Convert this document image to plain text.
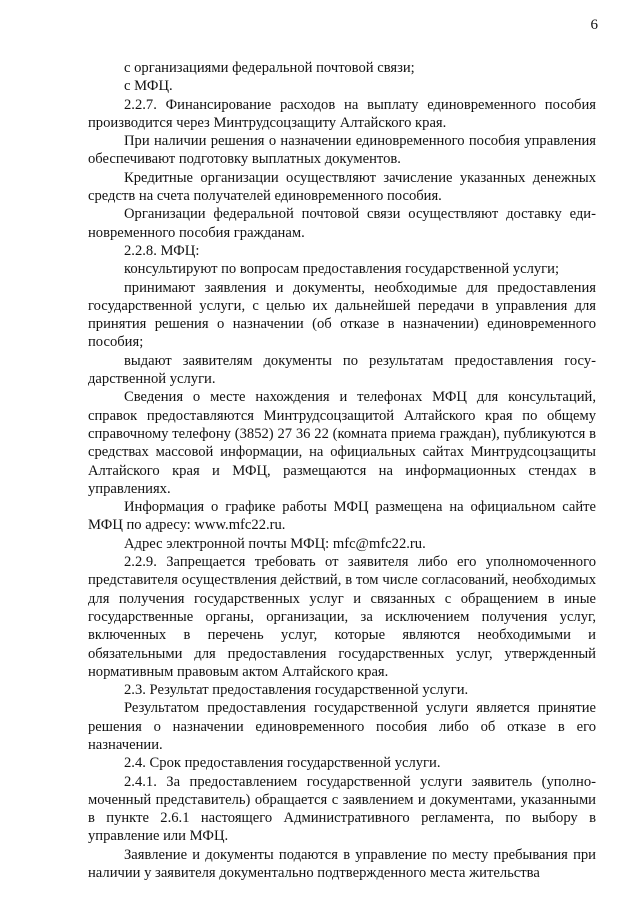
6

с организациями федеральной почтовой связи;

с МФЦ.

2.2.7. Финансирование расходов на выплату единовременного пособия производится через Минтрудсоцзащиту Алтайского края.

При наличии решения о назначении единовременного пособия управления обеспечивают подготовку выплатных документов.

Кредитные организации осуществляют зачисление указанных денежных средств на счета получателей единовременного пособия.

Организации федеральной почтовой связи осуществляют доставку единовременного пособия гражданам.

2.2.8. МФЦ:

консультируют по вопросам предоставления государственной услуги;

принимают заявления и документы, необходимые для предоставления государственной услуги, с целью их дальнейшей передачи в управления для принятия решения о назначении (об отказе в назначении) единовременного пособия;

выдают заявителям документы по результатам предоставления государственной услуги.

Сведения о месте нахождения и телефонах МФЦ для консультаций, справок предоставляются Минтрудсоцзащитой Алтайского края по общему справочному телефону (3852) 27 36 22 (комната приема граждан), публикуются в средствах массовой информации, на официальных сайтах Минтрудсоцзащиты Алтайского края и МФЦ, размещаются на информационных стендах в управлениях.

Информация о графике работы МФЦ размещена на официальном сайте МФЦ по адресу: www.mfc22.ru.

Адрес электронной почты МФЦ: mfc@mfc22.ru.

2.2.9. Запрещается требовать от заявителя либо его уполномоченного представителя осуществления действий, в том числе согласований, необходимых для получения государственных услуг и связанных с обращением в иные государственные органы, организации, за исключением получения услуг, включенных в перечень услуг, которые являются необходимыми и обязательными для предоставления государственных услуг, утвержденный нормативным правовым актом Алтайского края.

2.3. Результат предоставления государственной услуги.

Результатом предоставления государственной услуги является принятие решения о назначении единовременного пособия либо об отказе в его назначении.

2.4. Срок предоставления государственной услуги.

2.4.1. За предоставлением государственной услуги заявитель (уполномоченный представитель) обращается с заявлением и документами, указанными в пункте 2.6.1 настоящего Административного регламента, по выбору в управление или МФЦ.

Заявление и документы подаются в управление по месту пребывания при наличии у заявителя документально подтвержденного места жительства
